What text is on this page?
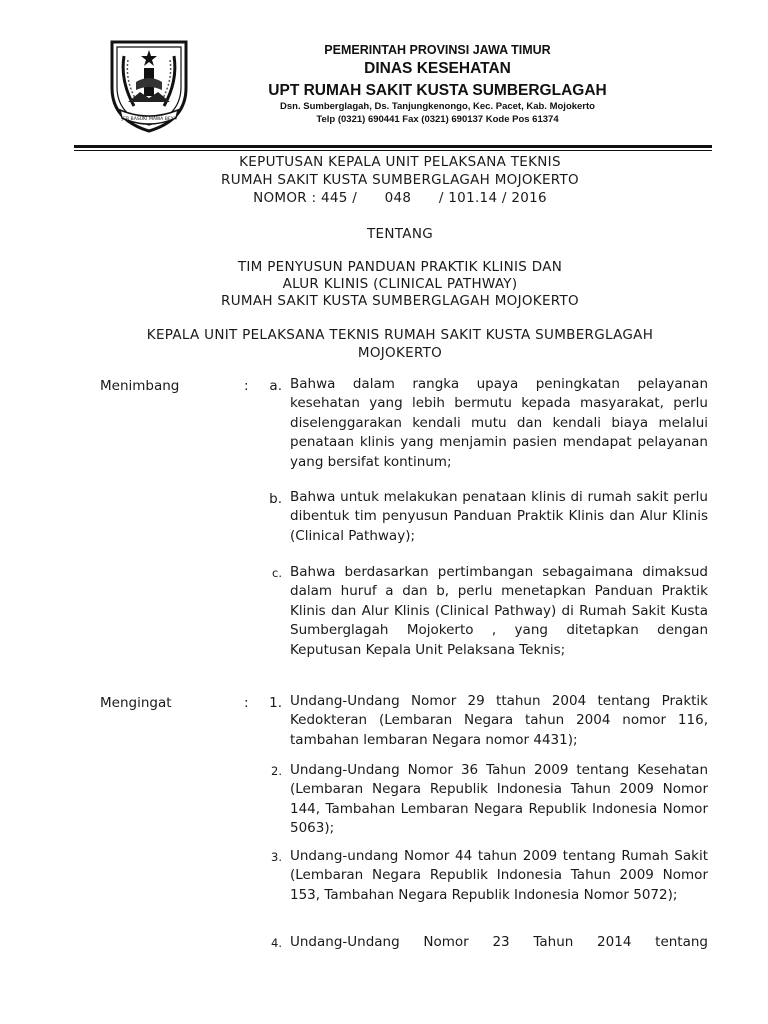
JER BASUKI MAWA BEYA
PEMERINTAH PROVINSI JAWA TIMUR
DINAS KESEHATAN
UPT RUMAH SAKIT KUSTA SUMBERGLAGAH
Dsn. Sumberglagah, Ds. Tanjungkenongo, Kec. Pacet, Kab. Mojokerto
Telp (0321) 690441 Fax (0321) 690137 Kode Pos 61374
KEPUTUSAN KEPALA UNIT PELAKSANA TEKNIS
RUMAH SAKIT KUSTA SUMBERGLAGAH MOJOKERTO
NOMOR : 445 /      048      / 101.14 / 2016
TENTANG
TIM PENYUSUN PANDUAN PRAKTIK KLINIS DAN
ALUR KLINIS (CLINICAL PATHWAY)
RUMAH SAKIT KUSTA SUMBERGLAGAH MOJOKERTO
KEPALA UNIT PELAKSANA TEKNIS RUMAH SAKIT KUSTA SUMBERGLAGAH
MOJOKERTO
Menimbang	:	a. Bahwa dalam rangka upaya peningkatan pelayanan kesehatan yang lebih bermutu kepada masyarakat, perlu diselenggarakan kendali mutu dan kendali biaya melalui penataan klinis yang menjamin pasien mendapat pelayanan yang bersifat kontinum;
b. Bahwa untuk melakukan penataan klinis di rumah sakit perlu dibentuk tim penyusun Panduan Praktik Klinis dan Alur Klinis (Clinical Pathway);
c. Bahwa berdasarkan pertimbangan sebagaimana dimaksud dalam huruf a dan b, perlu menetapkan Panduan Praktik Klinis dan Alur Klinis (Clinical Pathway) di Rumah Sakit Kusta Sumberglagah Mojokerto , yang ditetapkan dengan Keputusan Kepala Unit Pelaksana Teknis;
Mengingat	:	1. Undang-Undang Nomor 29 ttahun 2004 tentang Praktik Kedokteran (Lembaran Negara tahun 2004 nomor 116, tambahan lembaran Negara nomor 4431);
2. Undang-Undang Nomor 36 Tahun 2009 tentang Kesehatan (Lembaran Negara Republik Indonesia Tahun 2009 Nomor 144, Tambahan Lembaran Negara Republik Indonesia Nomor 5063);
3. Undang-undang Nomor 44 tahun 2009 tentang Rumah Sakit (Lembaran Negara Republik Indonesia Tahun 2009 Nomor 153, Tambahan Negara Republik Indonesia Nomor 5072);
4. Undang-Undang Nomor 23 Tahun 2014 tentang
